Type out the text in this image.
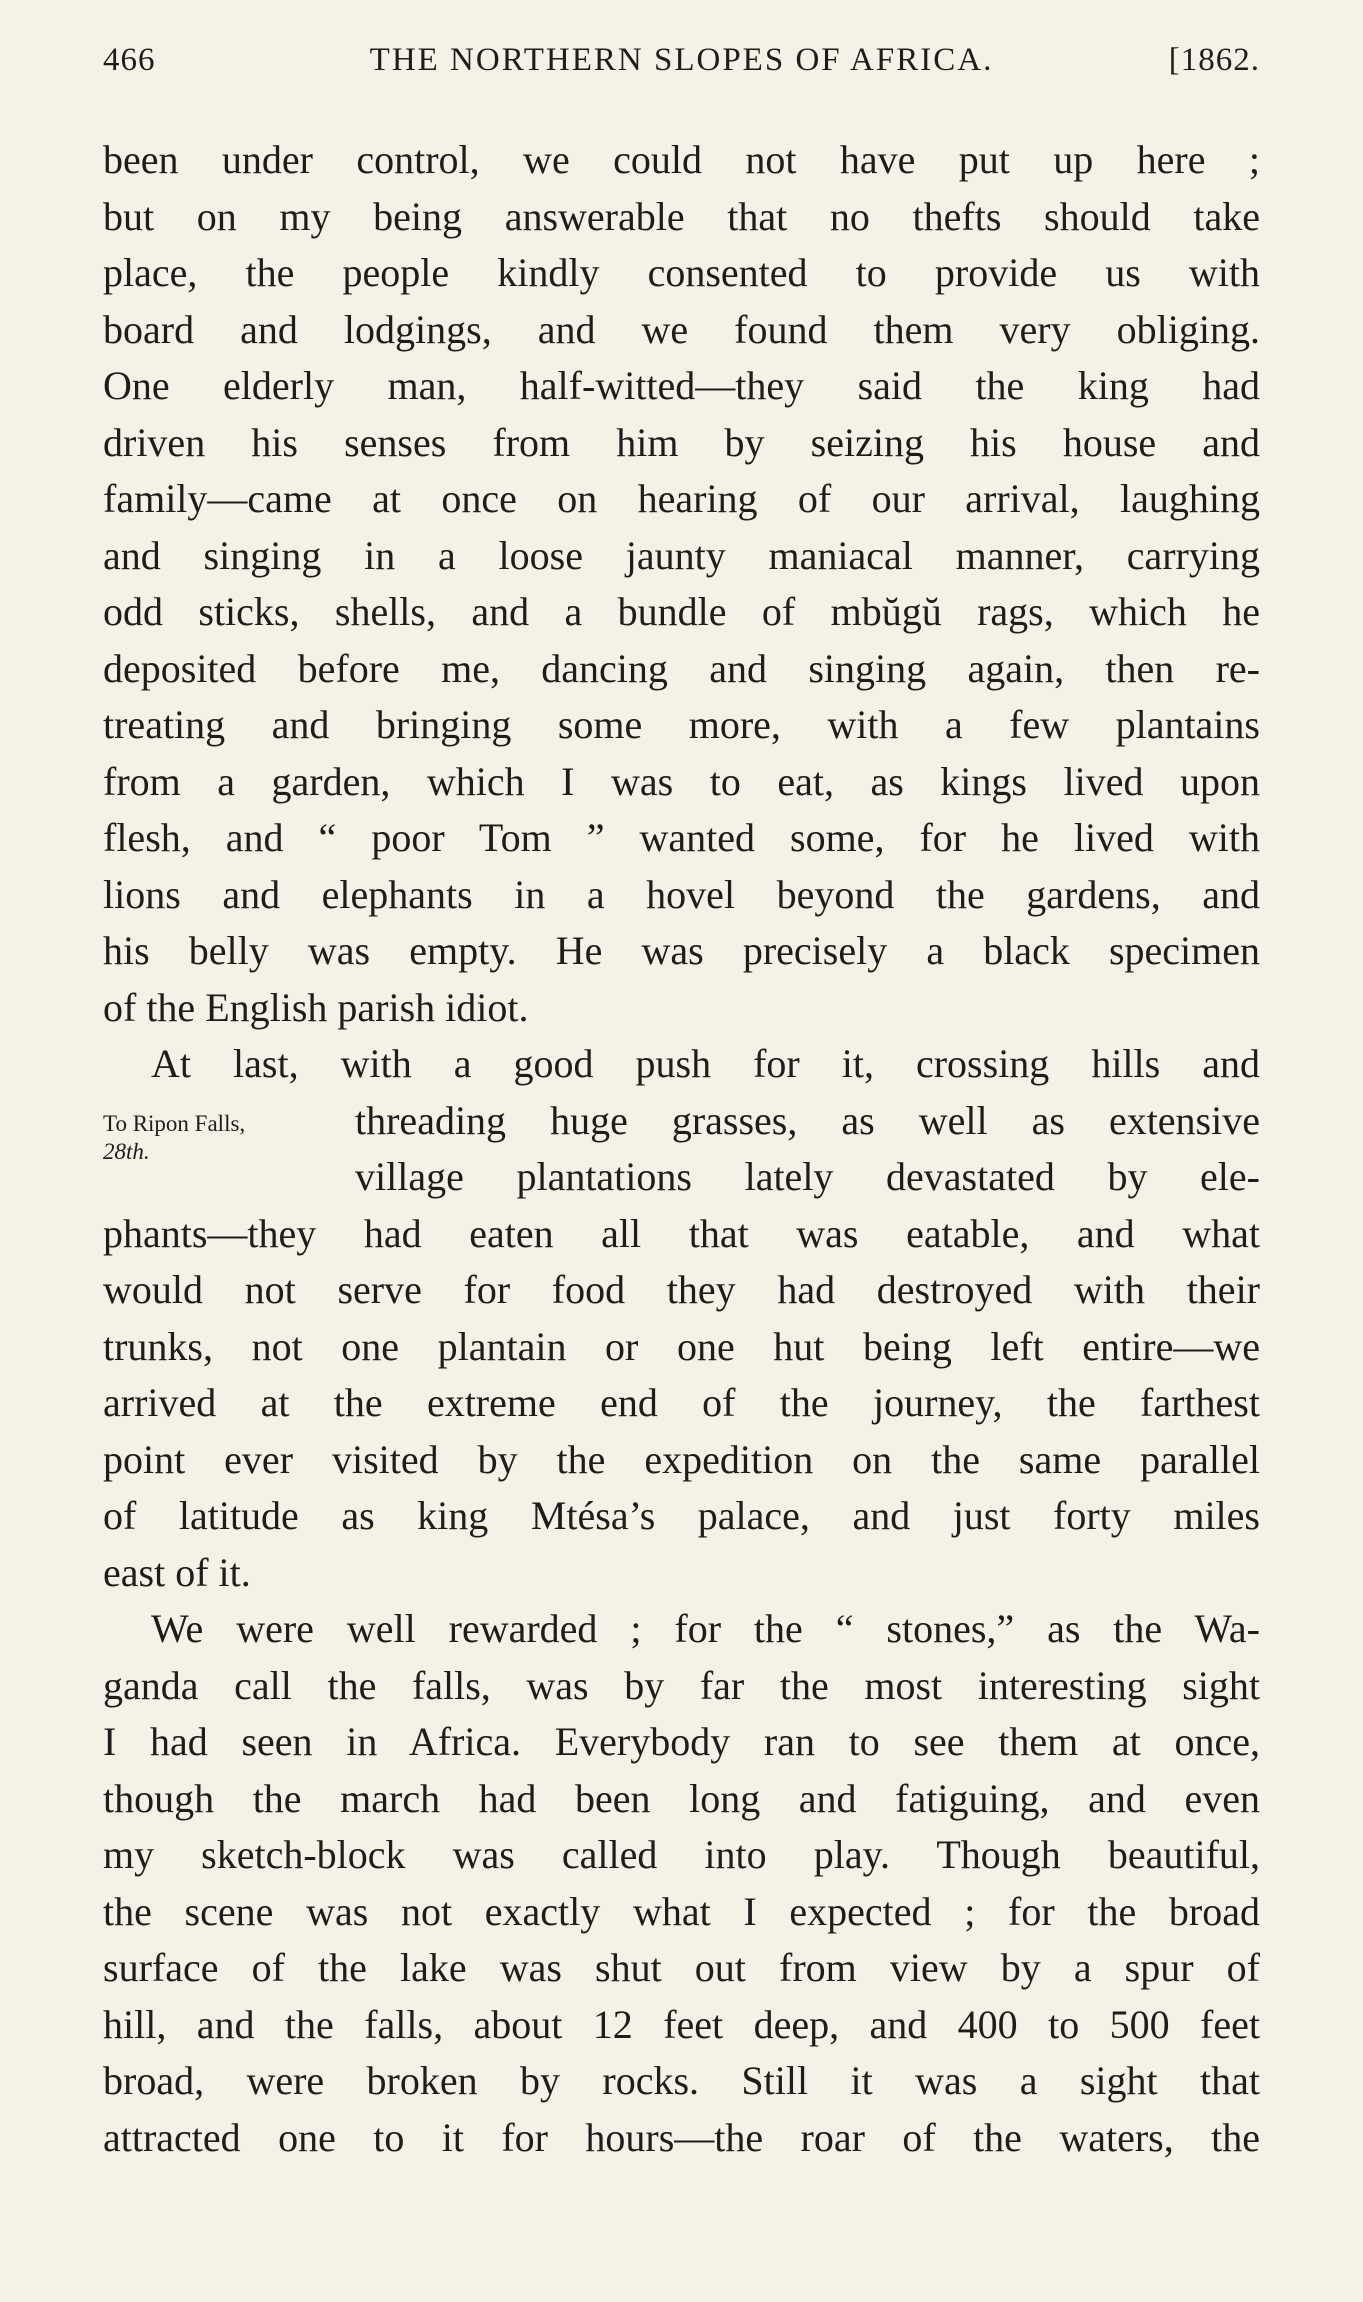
466	THE NORTHERN SLOPES OF AFRICA.	[1862.
To Ripon Falls,
28th.
been under control, we could not have put up here ;
but on my being answerable that no thefts should take
place, the people kindly consented to provide us with
board and lodgings, and we found them very obliging.
One elderly man, half-witted—they said the king had
driven his senses from him by seizing his house and
family—came at once on hearing of our arrival, laughing
and singing in a loose jaunty maniacal manner, carrying
odd sticks, shells, and a bundle of mbŭgŭ rags, which he
deposited before me, dancing and singing again, then re-
treating and bringing some more, with a few plantains
from a garden, which I was to eat, as kings lived upon
flesh, and “ poor Tom ” wanted some, for he lived with
lions and elephants in a hovel beyond the gardens, and
his belly was empty. He was precisely a black specimen
of the English parish idiot.
At last, with a good push for it, crossing hills and
threading huge grasses, as well as extensive
village plantations lately devastated by ele-
phants—they had eaten all that was eatable, and what
would not serve for food they had destroyed with their
trunks, not one plantain or one hut being left entire—we
arrived at the extreme end of the journey, the farthest
point ever visited by the expedition on the same parallel
of latitude as king Mtésa’s palace, and just forty miles
east of it.
We were well rewarded ; for the “ stones,” as the Wa-
ganda call the falls, was by far the most interesting sight
I had seen in Africa. Everybody ran to see them at once,
though the march had been long and fatiguing, and even
my sketch-block was called into play. Though beautiful,
the scene was not exactly what I expected ; for the broad
surface of the lake was shut out from view by a spur of
hill, and the falls, about 12 feet deep, and 400 to 500 feet
broad, were broken by rocks. Still it was a sight that
attracted one to it for hours—the roar of the waters, the
